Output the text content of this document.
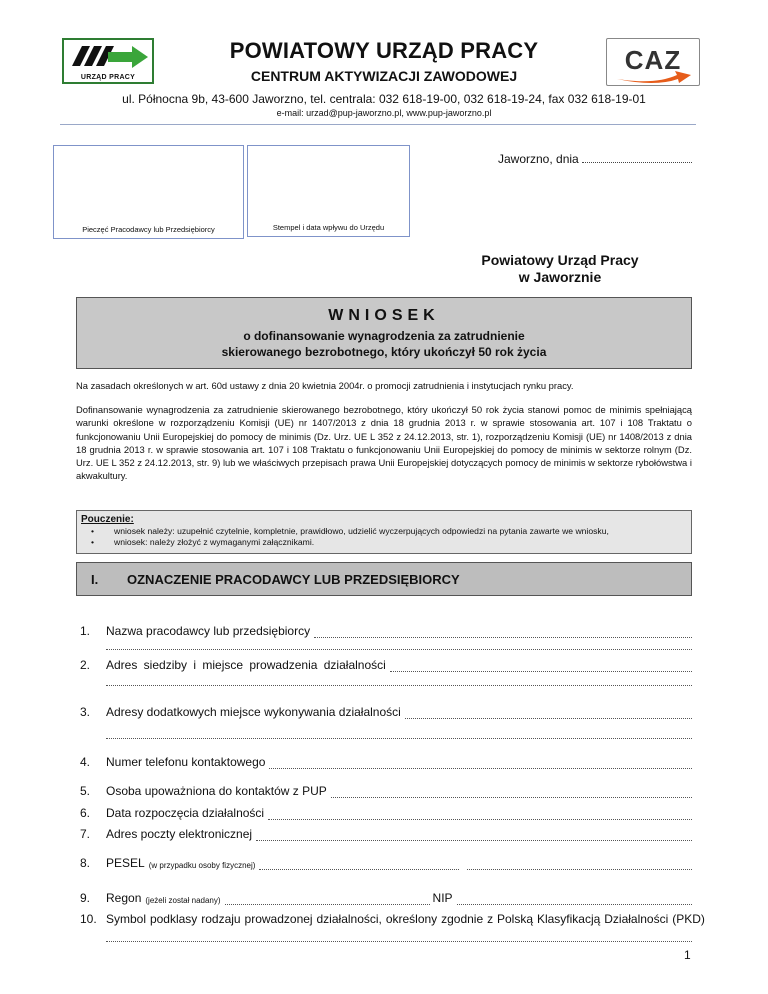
URZĄD PRACY
POWIATOWY URZĄD PRACY
CENTRUM AKTYWIZACJI ZAWODOWEJ
CAZ
ul. Północna 9b, 43-600 Jaworzno, tel. centrala: 032 618-19-00, 032 618-19-24, fax 032 618-19-01
e-mail: urzad@pup-jaworzno.pl, www.pup-jaworzno.pl
Pieczęć Pracodawcy lub Przedsiębiorcy	Stempel i data wpływu do Urzędu
Jaworzno, dnia
Powiatowy Urząd Pracy
w Jaworznie
WNIOSEK
o dofinansowanie wynagrodzenia za zatrudnienie
skierowanego bezrobotnego, który ukończył 50 rok życia
Na zasadach określonych w art. 60d ustawy z dnia 20 kwietnia 2004r. o promocji zatrudnienia i instytucjach rynku pracy.
Dofinansowanie wynagrodzenia za zatrudnienie skierowanego bezrobotnego, który ukończył 50 rok życia stanowi pomoc de minimis spełniającą warunki określone w rozporządzeniu Komisji (UE) nr 1407/2013 z dnia 18 grudnia 2013 r. w sprawie stosowania art. 107 i 108 Traktatu o funkcjonowaniu Unii Europejskiej do pomocy de minimis (Dz. Urz. UE L 352 z 24.12.2013, str. 1), rozporządzeniu Komisji (UE) nr 1408/2013 z dnia 18 grudnia 2013 r. w sprawie stosowania art. 107 i 108 Traktatu o funkcjonowaniu Unii Europejskiej do pomocy de minimis w sektorze rolnym (Dz. Urz. UE L 352 z 24.12.2013, str. 9) lub we właściwych przepisach prawa Unii Europejskiej dotyczących pomocy de minimis w sektorze rybołówstwa i akwakultury.
Pouczenie:
• wniosek należy: uzupełnić czytelnie, kompletnie, prawidłowo, udzielić wyczerpujących odpowiedzi na pytania zawarte we wniosku,
• wniosek: należy złożyć z wymaganymi załącznikami.
I. OZNACZENIE PRACODAWCY LUB PRZEDSIĘBIORCY
1. Nazwa pracodawcy lub przedsiębiorcy
2. Adres siedziby i miejsce prowadzenia działalności
3. Adresy dodatkowych miejsce wykonywania działalności
4. Numer telefonu kontaktowego
5. Osoba upoważniona do kontaktów z PUP
6. Data rozpoczęcia działalności
7. Adres poczty elektronicznej
8. PESEL (w przypadku osoby fizycznej)
9. Regon (jeżeli został nadany)	NIP
10. Symbol podklasy rodzaju prowadzonej działalności, określony zgodnie z Polską Klasyfikacją Działalności (PKD)
1
